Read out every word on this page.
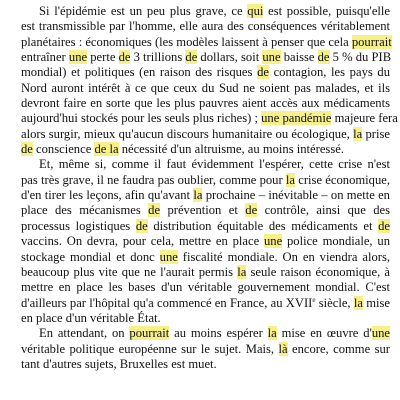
Si l'épidémie est un peu plus grave, ce qui est possible, puisqu'elle
est transmissible par l'homme, elle aura des conséquences véritablement
planétaires : économiques (les modèles laissent à penser que cela pourrait
entraîner une perte de 3 trillions de dollars, soit une baisse de 5 % du PIB
mondial) et politiques (en raison des risques de contagion, les pays du
Nord auront intérêt à ce que ceux du Sud ne soient pas malades, et ils
devront faire en sorte que les plus pauvres aient accès aux médicaments
aujourd'hui stockés pour les seuls plus riches) ; une pandémie majeure fera
alors surgir, mieux qu'aucun discours humanitaire ou écologique, la prise
de conscience de la nécessité d'un altruisme, au moins intéressé.
Et, même si, comme il faut évidemment l'espérer, cette crise n'est
pas très grave, il ne faudra pas oublier, comme pour la crise économique,
d'en tirer les leçons, afin qu'avant la prochaine – inévitable – on mette en
place des mécanismes de prévention et de contrôle, ainsi que des
processus logistiques de distribution équitable des médicaments et de
vaccins. On devra, pour cela, mettre en place une police mondiale, un
stockage mondial et donc une fiscalité mondiale. On en viendra alors,
beaucoup plus vite que ne l'aurait permis la seule raison économique, à
mettre en place les bases d'un véritable gouvernement mondial. C'est
d'ailleurs par l'hôpital qu'a commencé en France, au XVIIe siècle, la mise
en place d'un véritable État.
En attendant, on pourrait au moins espérer la mise en œuvre d'une
véritable politique européenne sur le sujet. Mais, là encore, comme sur
tant d'autres sujets, Bruxelles est muet.
